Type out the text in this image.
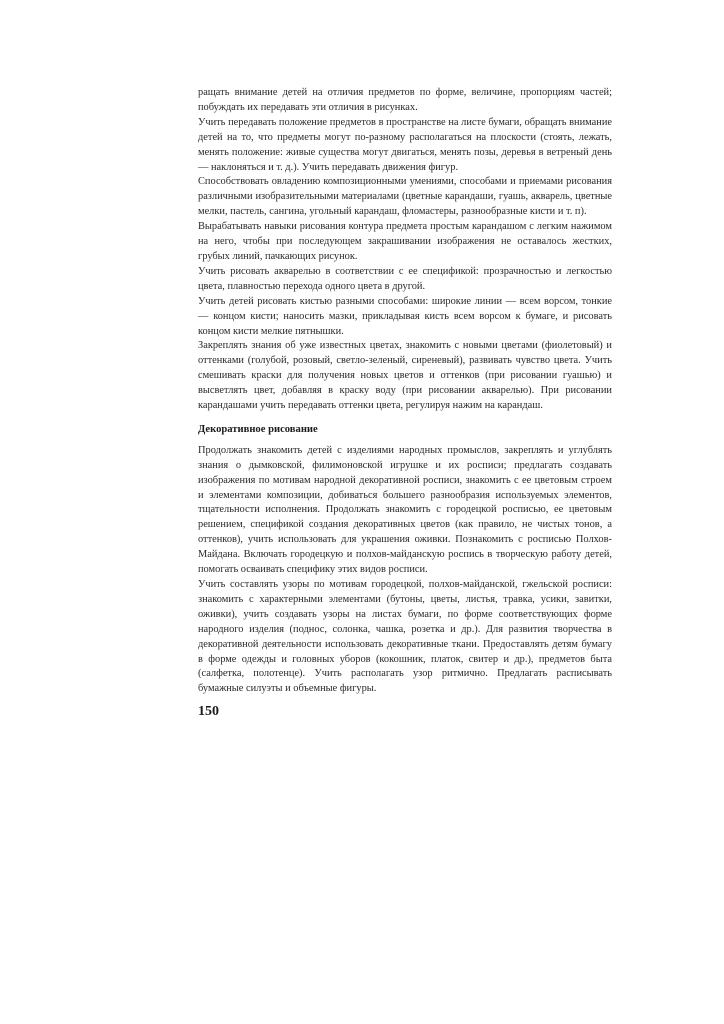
ращать внимание детей на отличия предметов по форме, величине, пропорциям частей; побуждать их передавать эти отличия в рисунках.

Учить передавать положение предметов в пространстве на листе бумаги, обращать внимание детей на то, что предметы могут по-разному располагаться на плоскости (стоять, лежать, менять положение: живые существа могут двигаться, менять позы, деревья в ветреный день — наклоняться и т. д.). Учить передавать движения фигур.

Способствовать овладению композиционными умениями, способами и приемами рисования различными изобразительными материалами (цветные карандаши, гуашь, акварель, цветные мелки, пастель, сангина, угольный карандаш, фломастеры, разнообразные кисти и т. п).

Вырабатывать навыки рисования контура предмета простым карандашом с легким нажимом на него, чтобы при последующем закрашивании изображения не оставалось жестких, грубых линий, пачкающих рисунок.

Учить рисовать акварелью в соответствии с ее спецификой: прозрачностью и легкостью цвета, плавностью перехода одного цвета в другой.

Учить детей рисовать кистью разными способами: широкие линии — всем ворсом, тонкие — концом кисти; наносить мазки, прикладывая кисть всем ворсом к бумаге, и рисовать концом кисти мелкие пятнышки.

Закреплять знания об уже известных цветах, знакомить с новыми цветами (фиолетовый) и оттенками (голубой, розовый, светло-зеленый, сиреневый), развивать чувство цвета. Учить смешивать краски для получения новых цветов и оттенков (при рисовании гуашью) и высветлять цвет, добавляя в краску воду (при рисовании акварелью). При рисовании карандашами учить передавать оттенки цвета, регулируя нажим на карандаш.

Декоративное рисование

Продолжать знакомить детей с изделиями народных промыслов, закреплять и углублять знания о дымковской, филимоновской игрушке и их росписи; предлагать создавать изображения по мотивам народной декоративной росписи, знакомить с ее цветовым строем и элементами композиции, добиваться большего разнообразия используемых элементов, тщательности исполнения. Продолжать знакомить с городецкой росписью, ее цветовым решением, спецификой создания декоративных цветов (как правило, не чистых тонов, а оттенков), учить использовать для украшения оживки. Познакомить с росписью Полхов-Майдана. Включать городецкую и полхов-майданскую роспись в творческую работу детей, помогать осваивать специфику этих видов росписи.

Учить составлять узоры по мотивам городецкой, полхов-майданской, гжельской росписи: знакомить с характерными элементами (бутоны, цветы, листья, травка, усики, завитки, оживки), учить создавать узоры на листах бумаги, по форме соответствующих форме народного изделия (поднос, солонка, чашка, розетка и др.). Для развития творчества в декоративной деятельности использовать декоративные ткани. Предоставлять детям бумагу в форме одежды и головных уборов (кокошник, платок, свитер и др.), предметов быта (салфетка, полотенце). Учить располагать узор ритмично. Предлагать расписывать бумажные силуэты и объемные фигуры.

150
